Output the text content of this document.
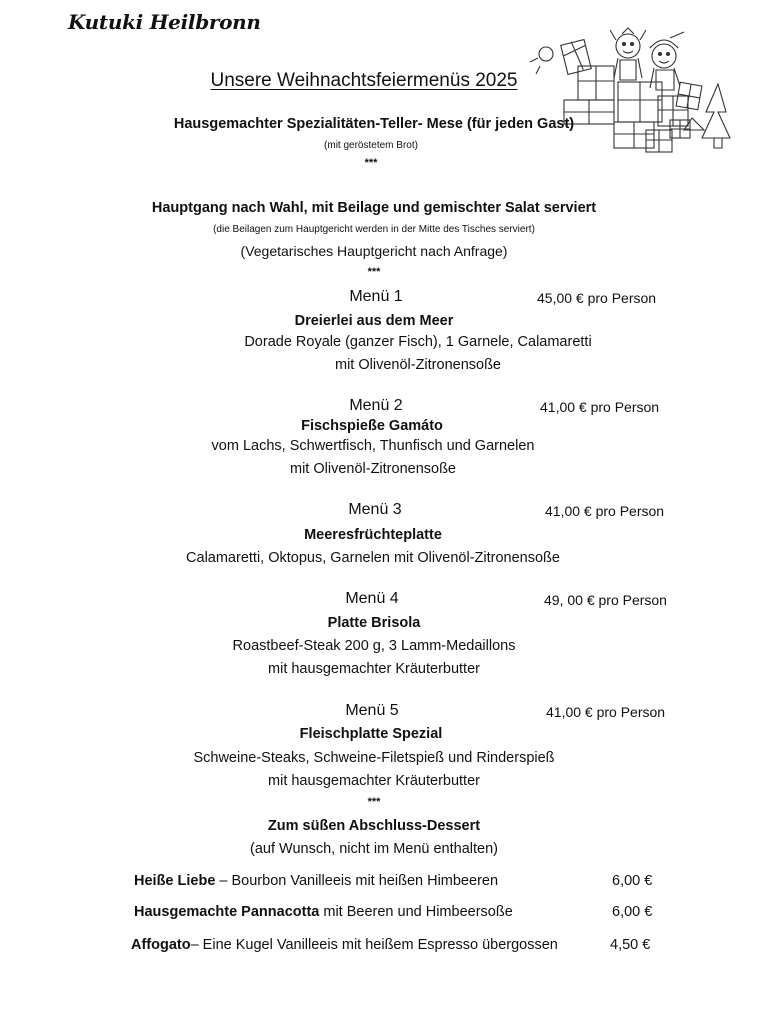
Kutuki Heilbronn
Unsere Weihnachtsfeiermenüs 2025
Hausgemachter Spezialitäten-Teller- Mese (für jeden Gast)
(mit geröstetem Brot)
***
Hauptgang nach Wahl, mit Beilage und gemischter Salat serviert
(die Beilagen zum Hauptgericht werden in der Mitte des Tisches serviert)
(Vegetarisches Hauptgericht nach Anfrage)
***
Menü 1	45,00 € pro Person
Dreierlei aus dem Meer
Dorade Royale (ganzer Fisch), 1 Garnele, Calamaretti
mit Olivenöl-Zitronensoße
Menü 2	41,00 € pro Person
Fischspieße Gamáto
vom Lachs, Schwertfisch, Thunfisch und Garnelen
mit Olivenöl-Zitronensoße
Menü 3	41,00 € pro Person
Meeresfrüchteplatte
Calamaretti, Oktopus, Garnelen mit Olivenöl-Zitronensoße
Menü 4	49, 00 € pro Person
Platte Brisola
Roastbeef-Steak 200 g, 3 Lamm-Medaillons
mit hausgemachter Kräuterbutter
Menü 5	41,00 € pro Person
Fleischplatte Spezial
Schweine-Steaks, Schweine-Filetspieß und Rinderspieß
mit hausgemachter Kräuterbutter
***
Zum süßen Abschluss-Dessert
(auf Wunsch, nicht im Menü enthalten)
Heiße Liebe – Bourbon Vanilleeis mit heißen Himbeeren	6,00 €
Hausgemachte Pannacotta mit Beeren und Himbeersoße	6,00 €
Affogato– Eine Kugel Vanilleeis mit heißem Espresso übergossen	4,50 €
